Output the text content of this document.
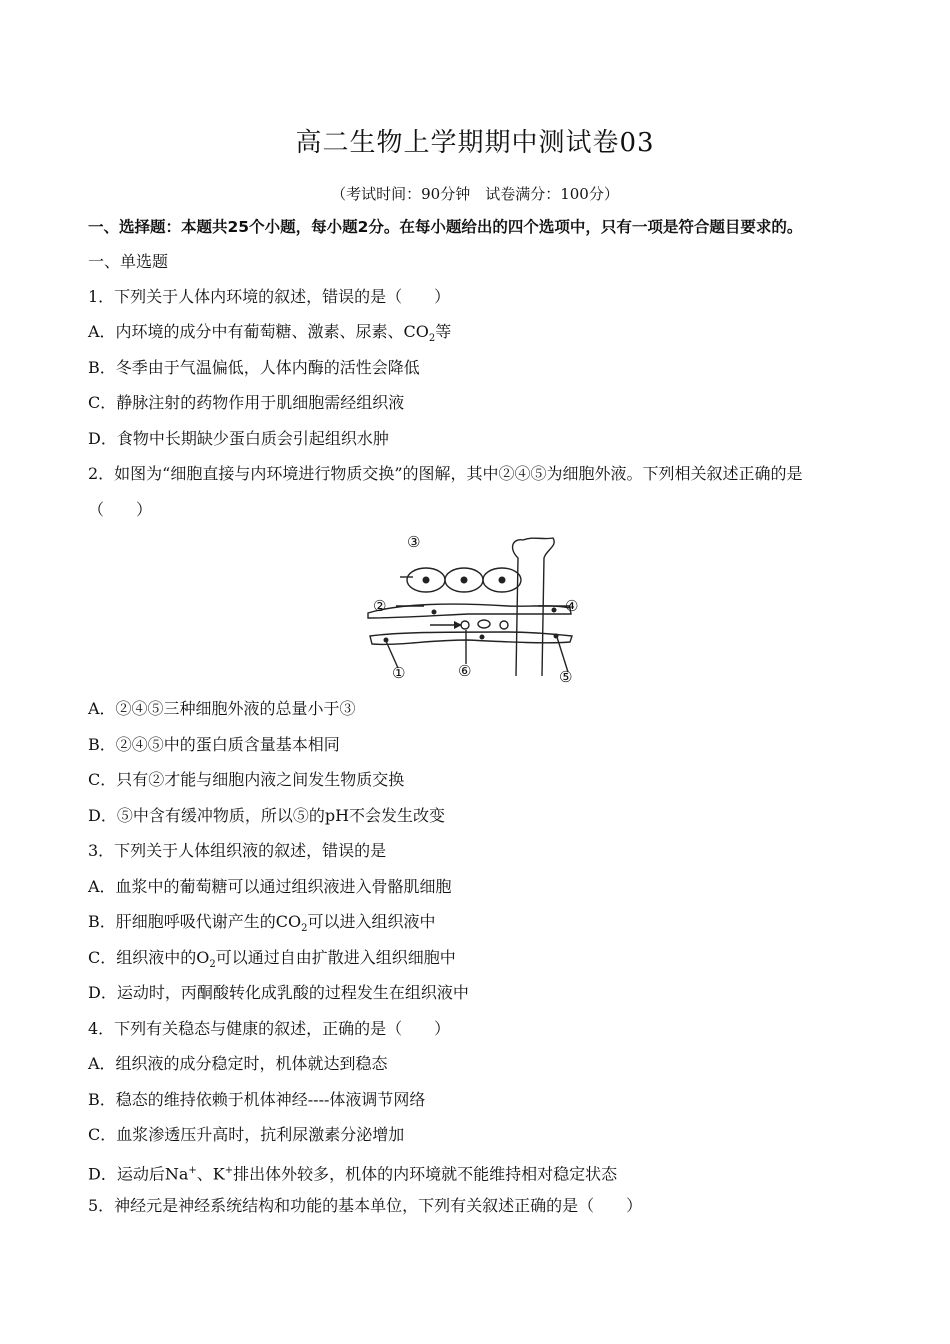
高二生物上学期期中测试卷03
（考试时间：90分钟　试卷满分：100分）
一、选择题：本题共25个小题，每小题2分。在每小题给出的四个选项中，只有一项是符合题目要求的。
一、单选题
1．下列关于人体内环境的叙述，错误的是（　　）
A．内环境的成分中有葡萄糖、激素、尿素、$CO_2$等
B．冬季由于气温偏低，人体内酶的活性会降低
C．静脉注射的药物作用于肌细胞需经组织液
D．食物中长期缺少蛋白质会引起组织水肿
2．如图为“细胞直接与内环境进行物质交换”的图解，其中②④⑤为细胞外液。下列相关叙述正确的是
（　　）
③
②	④
①	⑥	⑤
A．②④⑤三种细胞外液的总量小于③
B．②④⑤中的蛋白质含量基本相同
C．只有②才能与细胞内液之间发生物质交换
D．⑤中含有缓冲物质，所以⑤的pH不会发生改变
3．下列关于人体组织液的叙述，错误的是
A．血浆中的葡萄糖可以通过组织液进入骨骼肌细胞
B．肝细胞呼吸代谢产生的$CO_2$可以进入组织液中
C．组织液中的$O_2$可以通过自由扩散进入组织细胞中
D．运动时，丙酮酸转化成乳酸的过程发生在组织液中
4．下列有关稳态与健康的叙述，正确的是（　　）
A．组织液的成分稳定时，机体就达到稳态
B．稳态的维持依赖于机体神经----体液调节网络
C．血浆渗透压升高时，抗利尿激素分泌增加
D．运动后Na+、K+排出体外较多，机体的内环境就不能维持相对稳定状态
5．神经元是神经系统结构和功能的基本单位，下列有关叙述正确的是（　　）
